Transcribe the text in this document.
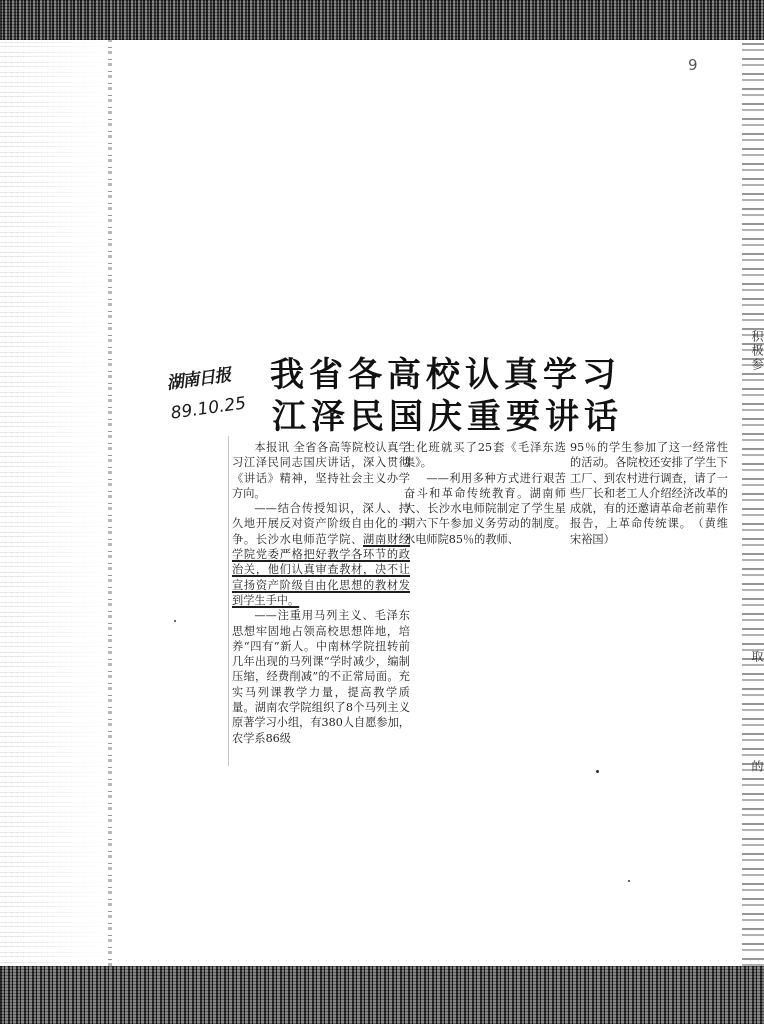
积极参
取
的
9
湖南日报
89.10.25
我省各高校认真学习
江泽民国庆重要讲话

本报讯 全省各高等院校认真学习江泽民同志国庆讲话，深入贯彻《讲话》精神，坚持社会主义办学方向。

——结合传授知识，深人、持久地开展反对资产阶级自由化的斗争。长沙水电师范学院、湖南财经学院党委严格把好教学各环节的政治关，他们认真审查教材，决不让宣扬资产阶级自由化思想的教材发到学生手中。

——注重用马列主义、毛泽东思想牢固地占领高校思想阵地，培养“四有”新人。中南林学院扭转前几年出现的马列课“学时减少，编制压缩，经费削减”的不正常局面。充实马列课教学力量，提高教学质量。湖南农学院组织了8个马列主义原著学习小组，有380人自愿参加，农学系86级

土化班就买了25套《毛泽东选集》。

——利用多种方式进行艰苦奋斗和革命传统教育。湖南师大、长沙水电师院制定了学生星期六下午参加义务劳动的制度。水电师院85％的教师、

95％的学生参加了这一经常性的活动。各院校还安排了学生下工厂、到农村进行调查，请了一些厂长和老工人介绍经济改革的成就，有的还邀请革命老前辈作报告，上革命传统课。 （黄维 宋裕国）
